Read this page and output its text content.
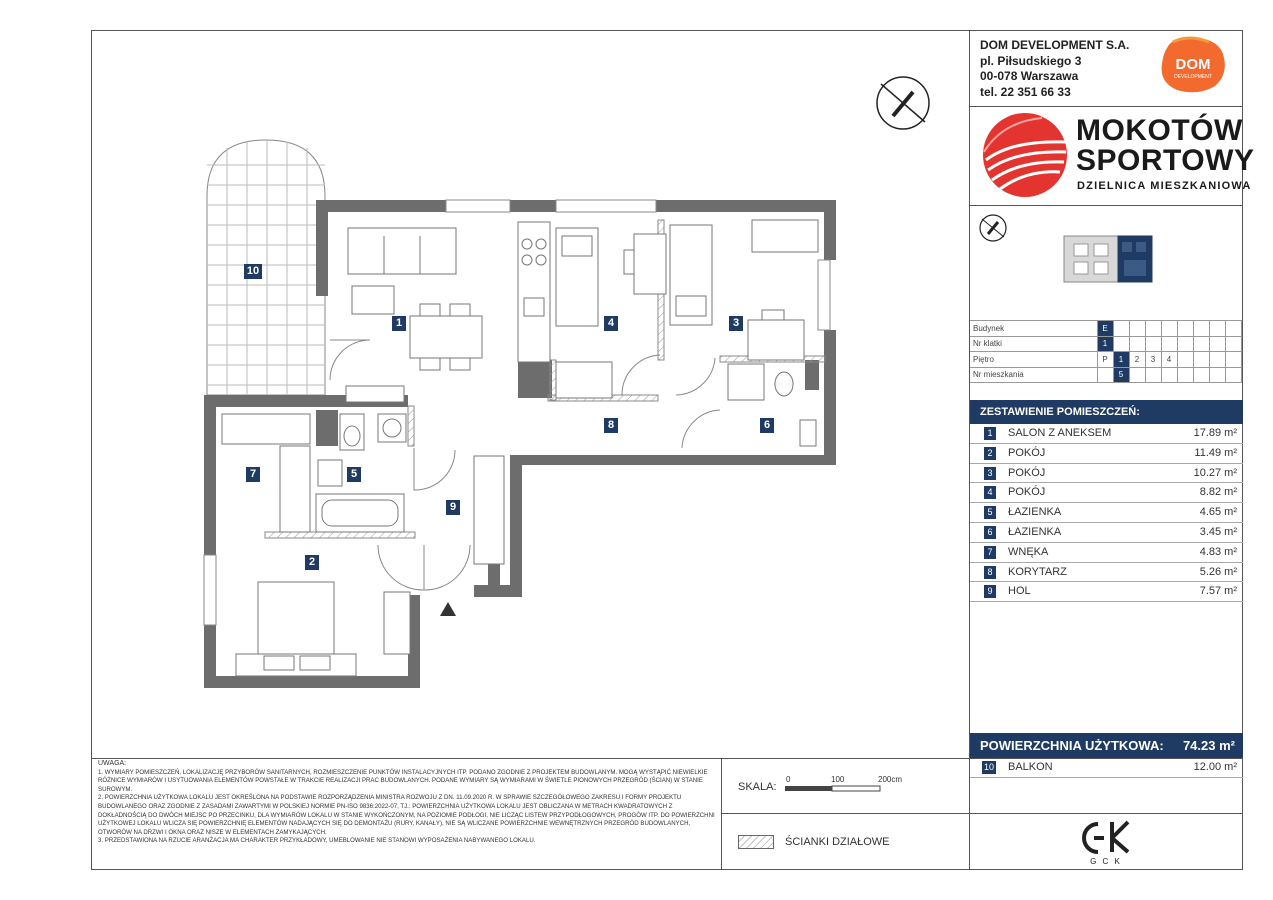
10
1	4	3
8	6
7	5
9
2
DOM DEVELOPMENT S.A.
pl. Piłsudskiego 3
00-078 Warszawa
tel. 22 351 66 33
DOM
DEVELOPMENT
MOKOTÓW
SPORTOWY
DZIELNICA MIESZKANIOWA
Budynek	E								
Nr klatki	1								
Piętro	P	1	2	3	4				
Nr mieszkania		5							
ZESTAWIENIE POMIESZCZEŃ:
1	SALON Z ANEKSEM	17.89 m²
2	POKÓJ	11.49 m²
3	POKÓJ	10.27 m²
4	POKÓJ	8.82 m²
5	ŁAZIENKA	4.65 m²
6	ŁAZIENKA	3.45 m²
7	WNĘKA	4.83 m²
8	KORYTARZ	5.26 m²
9	HOL	7.57 m²
POWIERZCHNIA UŻYTKOWA: 74.23 m²
10 BALKON	12.00 m²
UWAGA:
1. WYMIARY POMIESZCZEŃ, LOKALIZACJĘ PRZYBORÓW SANITARNYCH, ROZMIESZCZENIE PUNKTÓW INSTALACYJNYCH ITP. PODANO ZGODNIE Z PROJEKTEM BUDOWLANYM. MOGĄ WYSTĄPIĆ NIEWIELKIE RÓŻNICE WYMIARÓW I USYTUOWANIA ELEMENTÓW POWSTAŁE W TRAKCIE REALIZACJI PRAC BUDOWLANYCH. PODANE WYMIARY SĄ WYMIARAMI W ŚWIETLE PIONOWYCH PRZEGRÓD (ŚCIAN) W STANIE SUROWYM.
2. POWIERZCHNIA UŻYTKOWA LOKALU JEST OKREŚLONA NA PODSTAWIE ROZPORZĄDZENIA MINISTRA ROZWOJU Z DN. 11.09.2020 R. W SPRAWIE SZCZEGÓŁOWEGO ZAKRESU I FORMY PROJEKTU BUDOWLANEGO ORAZ ZGODNIE Z ZASADAMI ZAWARTYMI W POLSKIEJ NORMIE PN-ISO 9836:2022-07, TJ.: POWIERZCHNIA UŻYTKOWA LOKALU JEST OBLICZANA W METRACH KWADRATOWYCH Z DOKŁADNOŚCIĄ DO DWÓCH MIEJSC PO PRZECINKU, DLA WYMIARÓW LOKALU W STANIE WYKOŃCZONYM, NA POZIOMIE PODŁOGI, NIE LICZĄC LISTEW PRZYPODŁOGOWYCH, PROGÓW ITP. DO POWIERZCHNI UŻYTKOWEJ LOKALU WLICZA SIĘ POWIERZCHNIĘ ELEMENTÓW NADAJĄCYCH SIĘ DO DEMONTAŻU (RURY, KANAŁY), NIE SĄ WLICZANE POWIERZCHNIE WEWNĘTRZNYCH PRZEGRÓD BUDOWLANYCH, OTWORÓW NA DRZWI I OKNA ORAZ NISZE W ELEMENTACH ZAMYKAJĄCYCH.
3. PRZEDSTAWIONA NA RZUCIE ARANŻACJA MA CHARAKTER PRZYKŁADOWY, UMEBLOWANIE NIE STANOWI WYPOSAŻENIA NABYWANEGO LOKALU.
SKALA:
0	100	200cm
ŚCIANKI DZIAŁOWE
G C K
